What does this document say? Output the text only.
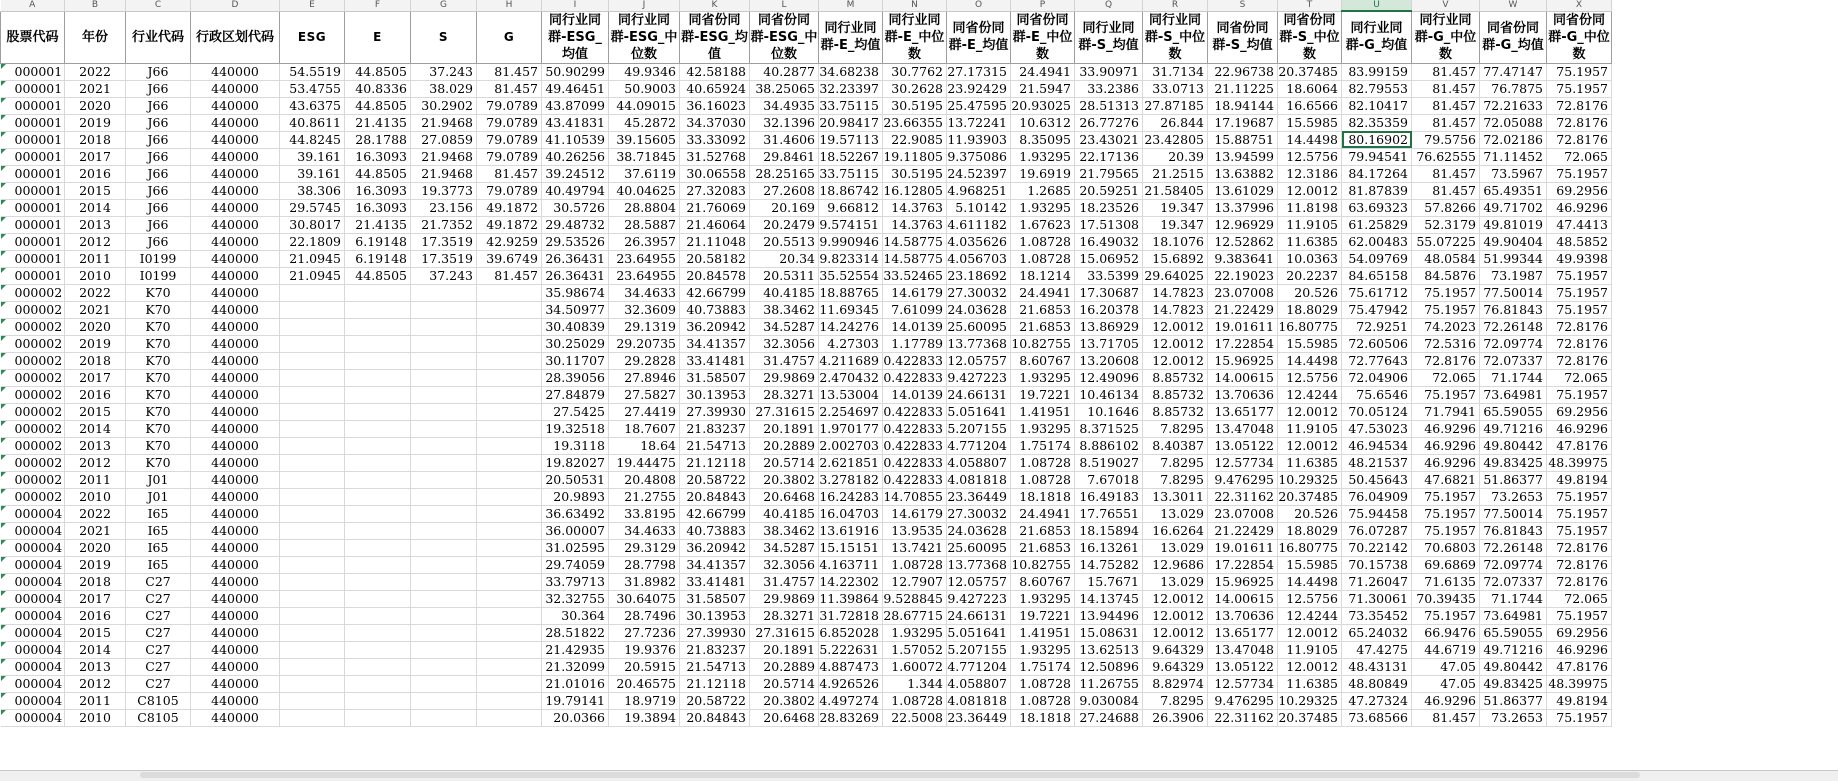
A	B	C	D	E	F	G	H	I	J	K	L	M	N	O	P	Q	R	S	T	U	V	W	X
股票代码	年份	行业代码	行政区划代码	ESG	E	S	G	同行业同群-ESG_均值	同行业同群-ESG_中位数	同省份同群-ESG_均值	同省份同群-ESG_中位数	同行业同群-E_均值	同行业同群-E_中位数	同省份同群-E_均值	同省份同群-E_中位数	同行业同群-S_均值	同行业同群-S_中位数	同省份同群-S_均值	同省份同群-S_中位数	同行业同群-G_均值	同行业同群-G_中位数	同省份同群-G_均值	同省份同群-G_中位数
000001	2022	J66	440000	54.5519	44.8505	37.243	81.457	50.90299	49.9346	42.58188	40.2877	34.68238	30.7762	27.17315	24.4941	33.90971	31.7134	22.96738	20.37485	83.99159	81.457	77.47147	75.1957
000001	2021	J66	440000	53.4755	40.8336	38.029	81.457	49.46451	50.9003	40.65924	38.25065	32.23397	30.2628	23.92429	21.5947	33.2386	33.0713	21.11225	18.6064	82.79553	81.457	76.7875	75.1957
000001	2020	J66	440000	43.6375	44.8505	30.2902	79.0789	43.87099	44.09015	36.16023	34.4935	33.75115	30.5195	25.47595	20.93025	28.51313	27.87185	18.94144	16.6566	82.10417	81.457	72.21633	72.8176
000001	2019	J66	440000	40.8611	21.4135	21.9468	79.0789	43.41831	45.2872	34.37030	32.1396	20.98417	23.66355	13.72241	10.6312	26.77276	26.844	17.19687	15.5985	82.35359	81.457	72.05088	72.8176
000001	2018	J66	440000	44.8245	28.1788	27.0859	79.0789	41.10539	39.15605	33.33092	31.4606	19.57113	22.9085	11.93903	8.35095	23.43021	23.42805	15.88751	14.4498	80.16902	79.5756	72.02186	72.8176
000001	2017	J66	440000	39.161	16.3093	21.9468	79.0789	40.26256	38.71845	31.52768	29.8461	18.52267	19.11805	9.375086	1.93295	22.17136	20.39	13.94599	12.5756	79.94541	76.62555	71.11452	72.065
000001	2016	J66	440000	39.161	44.8505	21.9468	81.457	39.24512	37.6119	30.06558	28.25165	33.75115	30.5195	24.52397	19.6919	21.79565	21.2515	13.63882	12.3186	84.17264	81.457	73.5967	75.1957
000001	2015	J66	440000	38.306	16.3093	19.3773	79.0789	40.49794	40.04625	27.32083	27.2608	18.86742	16.12805	4.968251	1.2685	20.59251	21.58405	13.61029	12.0012	81.87839	81.457	65.49351	69.2956
000001	2014	J66	440000	29.5745	16.3093	23.156	49.1872	30.5726	28.8804	21.76069	20.169	9.66812	14.3763	5.10142	1.93295	18.23526	19.347	13.37996	11.8198	63.69323	57.8266	49.71702	46.9296
000001	2013	J66	440000	30.8017	21.4135	21.7352	49.1872	29.48732	28.5887	21.46064	20.2479	9.574151	14.3763	4.611182	1.67623	17.51308	19.347	12.96929	11.9105	61.25829	52.3179	49.81019	47.4413
000001	2012	J66	440000	22.1809	6.19148	17.3519	42.9259	29.53526	26.3957	21.11048	20.5513	9.990946	14.58775	4.035626	1.08728	16.49032	18.1076	12.52862	11.6385	62.00483	55.07225	49.90404	48.5852
000001	2011	I0199	440000	21.0945	6.19148	17.3519	39.6749	26.36431	23.64955	20.58182	20.34	9.823314	14.58775	4.056703	1.08728	15.06952	15.6892	9.383641	10.0363	54.09769	48.0584	51.99344	49.9398
000001	2010	I0199	440000	21.0945	44.8505	37.243	81.457	26.36431	23.64955	20.84578	20.5311	35.52554	33.52465	23.18692	18.1214	33.5399	29.64025	22.19023	20.2237	84.65158	84.5876	73.1987	75.1957
000002	2022	K70	440000					35.98674	34.4633	42.66799	40.4185	18.88765	14.6179	27.30032	24.4941	17.30687	14.7823	23.07008	20.526	75.61712	75.1957	77.50014	75.1957
000002	2021	K70	440000					34.50977	32.3609	40.73883	38.3462	11.69345	7.61099	24.03628	21.6853	16.20378	14.7823	21.22429	18.8029	75.47942	75.1957	76.81843	75.1957
000002	2020	K70	440000					30.40839	29.1319	36.20942	34.5287	14.24276	14.0139	25.60095	21.6853	13.86929	12.0012	19.01611	16.80775	72.9251	74.2023	72.26148	72.8176
000002	2019	K70	440000					30.25029	29.20735	34.41357	32.3056	4.27303	1.17789	13.77368	10.82755	13.71705	12.0012	17.22854	15.5985	72.60506	72.5316	72.09774	72.8176
000002	2018	K70	440000					30.11707	29.2828	33.41481	31.4757	4.211689	0.422833	12.05757	8.60767	13.20608	12.0012	15.96925	14.4498	72.77643	72.8176	72.07337	72.8176
000002	2017	K70	440000					28.39056	27.8946	31.58507	29.9869	2.470432	0.422833	9.427223	1.93295	12.49096	8.85732	14.00615	12.5756	72.04906	72.065	71.1744	72.065
000002	2016	K70	440000					27.84879	27.5827	30.13953	28.3271	13.53004	14.0139	24.66131	19.7221	10.46134	8.85732	13.70636	12.4244	75.6546	75.1957	73.64981	75.1957
000002	2015	K70	440000					27.5425	27.4419	27.39930	27.31615	2.254697	0.422833	5.051641	1.41951	10.1646	8.85732	13.65177	12.0012	70.05124	71.7941	65.59055	69.2956
000002	2014	K70	440000					19.32518	18.7607	21.83237	20.1891	1.970177	0.422833	5.207155	1.93295	8.371525	7.8295	13.47048	11.9105	47.53023	46.9296	49.71216	46.9296
000002	2013	K70	440000					19.3118	18.64	21.54713	20.2889	2.002703	0.422833	4.771204	1.75174	8.886102	8.40387	13.05122	12.0012	46.94534	46.9296	49.80442	47.8176
000002	2012	K70	440000					19.82027	19.44475	21.12118	20.5714	2.621851	0.422833	4.058807	1.08728	8.519027	7.8295	12.57734	11.6385	48.21537	46.9296	49.83425	48.39975
000002	2011	J01	440000					20.50531	20.4808	20.58722	20.3802	3.278182	0.422833	4.081818	1.08728	7.67018	7.8295	9.476295	10.29325	50.45643	47.6821	51.86377	49.8194
000002	2010	J01	440000					20.9893	21.2755	20.84843	20.6468	16.24283	14.70855	23.36449	18.1818	16.49183	13.3011	22.31162	20.37485	76.04909	75.1957	73.2653	75.1957
000004	2022	I65	440000					36.63492	33.8195	42.66799	40.4185	16.04703	14.6179	27.30032	24.4941	17.76551	13.029	23.07008	20.526	75.94458	75.1957	77.50014	75.1957
000004	2021	I65	440000					36.00007	34.4633	40.73883	38.3462	13.61916	13.9535	24.03628	21.6853	18.15894	16.6264	21.22429	18.8029	76.07287	75.1957	76.81843	75.1957
000004	2020	I65	440000					31.02595	29.3129	36.20942	34.5287	15.15151	13.7421	25.60095	21.6853	16.13261	13.029	19.01611	16.80775	70.22142	70.6803	72.26148	72.8176
000004	2019	I65	440000					29.74059	28.7798	34.41357	32.3056	4.163711	1.08728	13.77368	10.82755	14.75282	12.9686	17.22854	15.5985	70.15738	69.6869	72.09774	72.8176
000004	2018	C27	440000					33.79713	31.8982	33.41481	31.4757	14.22302	12.7907	12.05757	8.60767	15.7671	13.029	15.96925	14.4498	71.26047	71.6135	72.07337	72.8176
000004	2017	C27	440000					32.32755	30.64075	31.58507	29.9869	11.39864	9.528845	9.427223	1.93295	14.13745	12.0012	14.00615	12.5756	71.30061	70.39435	71.1744	72.065
000004	2016	C27	440000					30.364	28.7496	30.13953	28.3271	31.72818	28.67715	24.66131	19.7221	13.94496	12.0012	13.70636	12.4244	73.35452	75.1957	73.64981	75.1957
000004	2015	C27	440000					28.51822	27.7236	27.39930	27.31615	6.852028	1.93295	5.051641	1.41951	15.08631	12.0012	13.65177	12.0012	65.24032	66.9476	65.59055	69.2956
000004	2014	C27	440000					21.42935	19.9376	21.83237	20.1891	5.222631	1.57052	5.207155	1.93295	13.62513	9.64329	13.47048	11.9105	47.4275	44.6719	49.71216	46.9296
000004	2013	C27	440000					21.32099	20.5915	21.54713	20.2889	4.887473	1.60072	4.771204	1.75174	12.50896	9.64329	13.05122	12.0012	48.43131	47.05	49.80442	47.8176
000004	2012	C27	440000					21.01016	20.46575	21.12118	20.5714	4.926526	1.344	4.058807	1.08728	11.26755	8.82974	12.57734	11.6385	48.80849	47.05	49.83425	48.39975
000004	2011	C8105	440000					19.79141	18.9719	20.58722	20.3802	4.497274	1.08728	4.081818	1.08728	9.030084	7.8295	9.476295	10.29325	47.27324	46.9296	51.86377	49.8194
000004	2010	C8105	440000					20.0366	19.3894	20.84843	20.6468	28.83269	22.5008	23.36449	18.1818	27.24688	26.3906	22.31162	20.37485	73.68566	81.457	73.2653	75.1957
